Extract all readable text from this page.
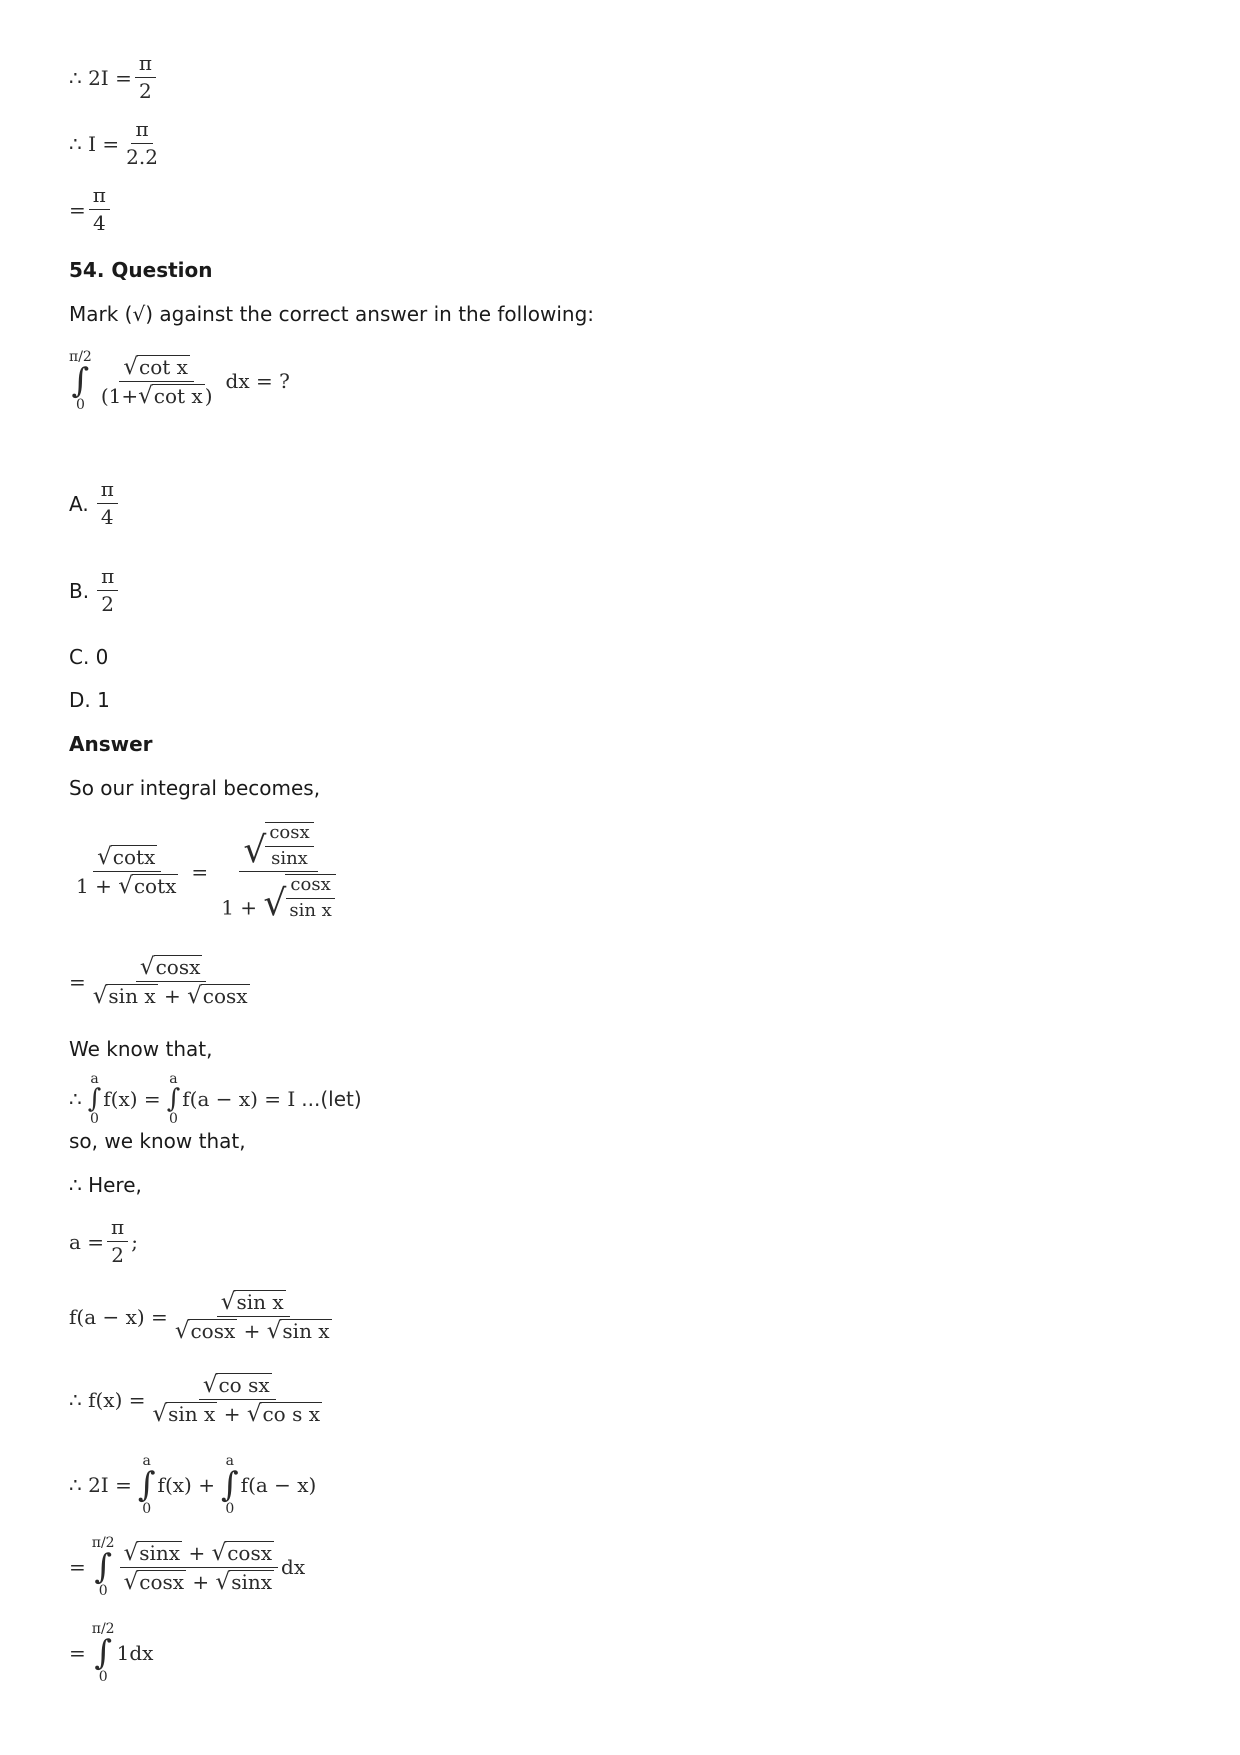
∴ $2I = \frac{\pi}{2}$
∴ $I = \frac{\pi}{2.2}$
= $\frac{\pi}{4}$
54. Question
Mark (√) against the correct answer in the following:
π/2
∫
$0 \frac{\text{√ cot x}}{\text{(1+ √ cot x )}}$ dx = ?
A. $\frac{\pi}{4}$
B. $\frac{\pi}{2}$
C. 0
D. 1
Answer
So our integral becomes,
$\frac{√ \cot x}{1 + √ \cot x} = \frac{√ \frac{\cos x}{\sin x}}{1 + √ \frac{\cos x}{\text{sin x}}}$
= $\frac{√ \cos x}{\text{√ sin x + √ cosx}}$
We know that,
∴
a
∫
0
f(x) =
a
∫
0
f(a − x) = I ...(let)
so, we know that,
∴ Here,
$a = \frac{\pi}{2}$ ;
$f(a - x) = \frac{\text{√ sin x}}{\text{√ cosx + √ sin x}}$
∴ $f(x) = \frac{\text{√ co sx}}{\text{√ sin x + √ co s x}}$
∴ 2I =
a
∫
0
f(x) +
a
∫
0
f(a − x)
=
π/2
∫
$0 \frac{√ \sin x + √ \cos x}{√ \cos x + √ \sin x}$ dx
=
π/2
∫
0
1dx
